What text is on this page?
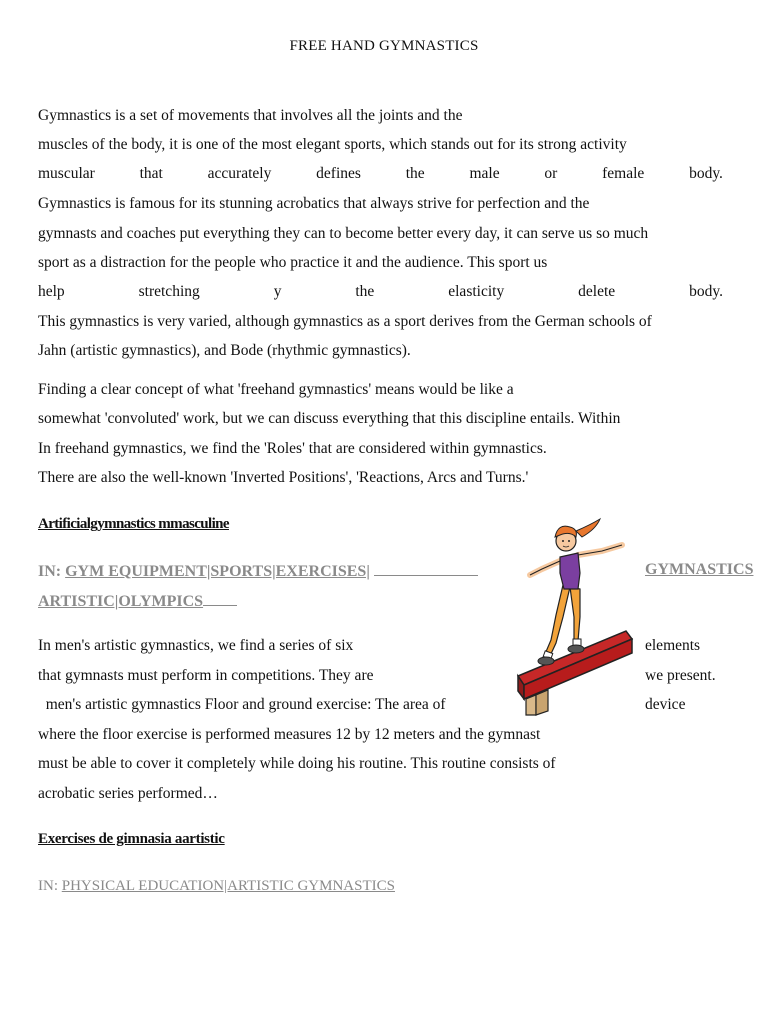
FREE HAND GYMNASTICS
Gymnastics is a set of movements that involves all the joints and the
muscles of the body, it is one of the most elegant sports, which stands out for its strong activity
muscular	that	accurately	defines	the	male	or	female	body.
Gymnastics is famous for its stunning acrobatics that always strive for perfection and the
gymnasts and coaches put everything they can to become better every day, it can serve us so much
sport as a distraction for the people who practice it and the audience. This sport us
help	stretching	y	the	elasticity	delete	body.
This gymnastics is very varied, although gymnastics as a sport derives from the German schools of
Jahn (artistic gymnastics), and Bode (rhythmic gymnastics).
Finding a clear concept of what 'freehand gymnastics' means would be like a
somewhat 'convoluted' work, but we can discuss everything that this discipline entails. Within
In freehand gymnastics, we find the 'Roles' that are considered within gymnastics.
There are also the well-known 'Inverted Positions', 'Reactions, Arcs and Turns.'
Artificialgymnastics mmasculine
IN: GYM EQUIPMENT|SPORTS|EXERCISES|	GYMNASTICS
ARTISTIC|OLYMPICS
In men's artistic gymnastics, we find a series of six	elements
that gymnasts must perform in competitions. They are	we present.
men's artistic gymnastics Floor and ground exercise: The area of	device
where the floor exercise is performed measures 12 by 12 meters and the gymnast
must be able to cover it completely while doing his routine. This routine consists of
acrobatic series performed…
Exercises de gimnasia aartistic
IN: PHYSICAL EDUCATION|ARTISTIC GYMNASTICS
